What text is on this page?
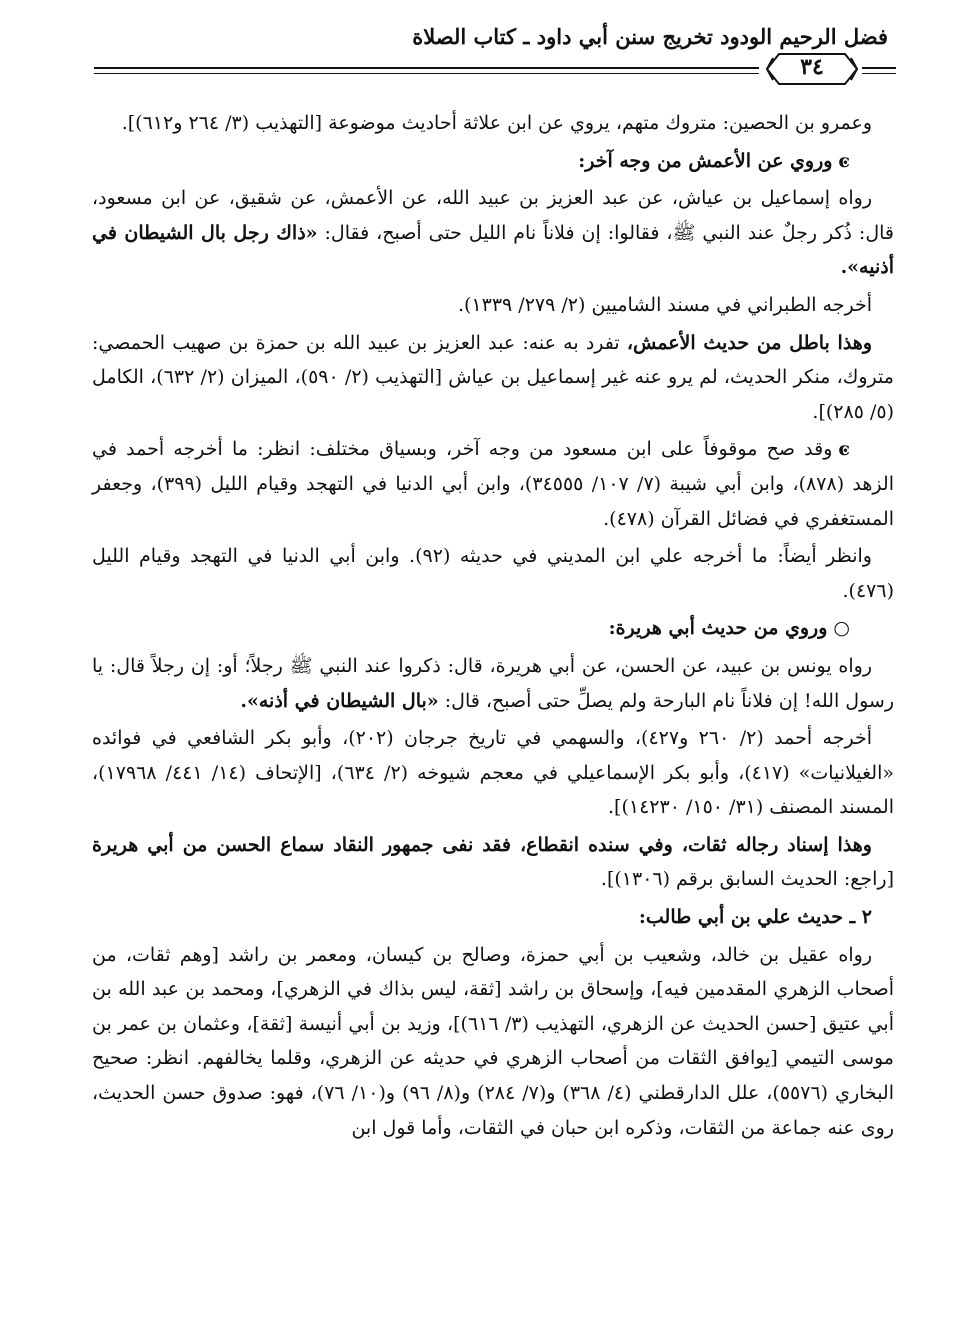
فضل الرحيم الودود تخريج سنن أبي داود ـ كتاب الصلاة
٣٤

وعمرو بن الحصين: متروك متهم، يروي عن ابن علاثة أحاديث موضوعة [التهذيب (٣/ ٢٦٤ و٦١٢)].

ͼوروي عن الأعمش من وجه آخر:

رواه إسماعيل بن عياش، عن عبد العزيز بن عبيد الله، عن الأعمش، عن شقيق، عن ابن مسعود، قال: ذُكر رجلٌ عند النبي ﷺ، فقالوا: إن فلاناً نام الليل حتى أصبح، فقال: «ذاك رجل بال الشيطان في أذنيه».

أخرجه الطبراني في مسند الشاميين (٢/ ٢٧٩/ ١٣٣٩).

وهذا باطل من حديث الأعمش، تفرد به عنه: عبد العزيز بن عبيد الله بن حمزة بن صهيب الحمصي: متروك، منكر الحديث، لم يرو عنه غير إسماعيل بن عياش [التهذيب (٢/ ٥٩٠)، الميزان (٢/ ٦٣٢)، الكامل (٥/ ٢٨٥)].

ͼوقد صح موقوفاً على ابن مسعود من وجه آخر، وبسياق مختلف: انظر: ما أخرجه أحمد في الزهد (٨٧٨)، وابن أبي شيبة (٧/ ١٠٧/ ٣٤٥٥٥)، وابن أبي الدنيا في التهجد وقيام الليل (٣٩٩)، وجعفر المستغفري في فضائل القرآن (٤٧٨).

وانظر أيضاً: ما أخرجه علي ابن المديني في حديثه (٩٢). وابن أبي الدنيا في التهجد وقيام الليل (٤٧٦).

○وروي من حديث أبي هريرة:

رواه يونس بن عبيد، عن الحسن، عن أبي هريرة، قال: ذكروا عند النبي ﷺ رجلاً؛ أو: إن رجلاً قال: يا رسول الله! إن فلاناً نام البارحة ولم يصلِّ حتى أصبح، قال: «بال الشيطان في أذنه».

أخرجه أحمد (٢/ ٢٦٠ و٤٢٧)، والسهمي في تاريخ جرجان (٢٠٢)، وأبو بكر الشافعي في فوائده «الغيلانيات» (٤١٧)، وأبو بكر الإسماعيلي في معجم شيوخه (٢/ ٦٣٤)، [الإتحاف (١٤/ ٤٤١/ ١٧٩٦٨)، المسند المصنف (٣١/ ١٥٠/ ١٤٢٣٠)].

وهذا إسناد رجاله ثقات، وفي سنده انقطاع، فقد نفى جمهور النقاد سماع الحسن من أبي هريرة [راجع: الحديث السابق برقم (١٣٠٦)].

٢ ـ حديث علي بن أبي طالب:

رواه عقيل بن خالد، وشعيب بن أبي حمزة، وصالح بن كيسان، ومعمر بن راشد [وهم ثقات، من أصحاب الزهري المقدمين فيه]، وإسحاق بن راشد [ثقة، ليس بذاك في الزهري]، ومحمد بن عبد الله بن أبي عتيق [حسن الحديث عن الزهري، التهذيب (٣/ ٦١٦)]، وزيد بن أبي أنيسة [ثقة]، وعثمان بن عمر بن موسى التيمي [يوافق الثقات من أصحاب الزهري في حديثه عن الزهري، وقلما يخالفهم. انظر: صحيح البخاري (٥٥٧٦)، علل الدارقطني (٤/ ٣٦٨) و(٧/ ٢٨٤) و(٨/ ٩٦) و(١٠/ ٧٦)، فهو: صدوق حسن الحديث، روى عنه جماعة من الثقات، وذكره ابن حبان في الثقات، وأما قول ابن
